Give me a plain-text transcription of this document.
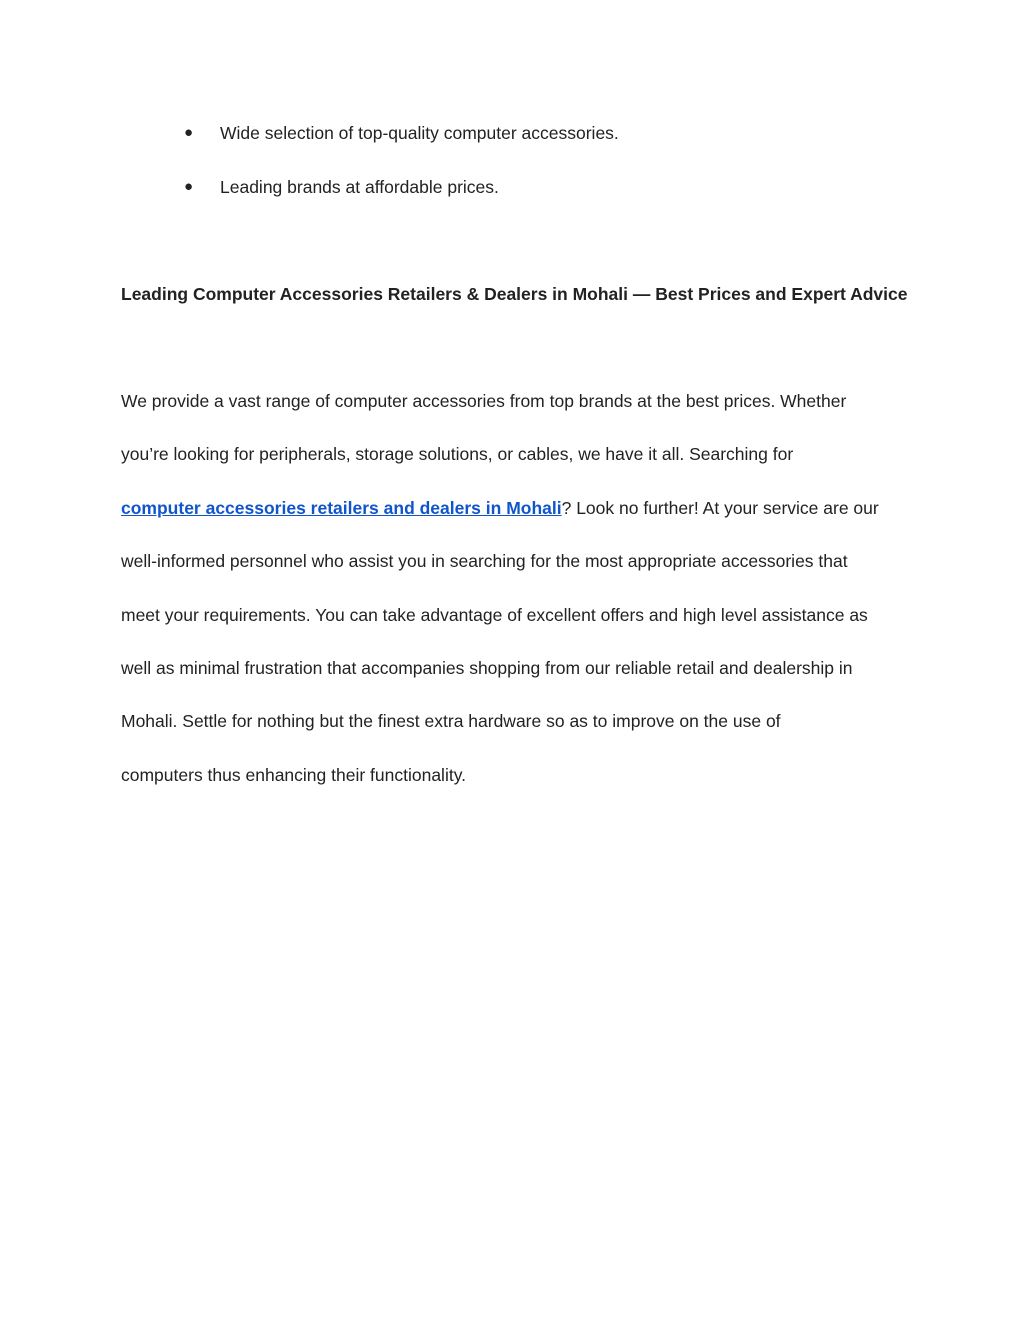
●	Wide selection of top-quality computer accessories.
●	Leading brands at affordable prices.
Leading Computer Accessories Retailers & Dealers in Mohali — Best Prices and Expert Advice

We provide a vast range of computer accessories from top brands at the best prices. Whether
you’re looking for peripherals, storage solutions, or cables, we have it all. Searching for
computer accessories retailers and dealers in Mohali? Look no further! At your service are our
well-informed personnel who assist you in searching for the most appropriate accessories that
meet your requirements. You can take advantage of excellent offers and high level assistance as
well as minimal frustration that accompanies shopping from our reliable retail and dealership in
Mohali. Settle for nothing but the finest extra hardware so as to improve on the use of
computers thus enhancing their functionality.
